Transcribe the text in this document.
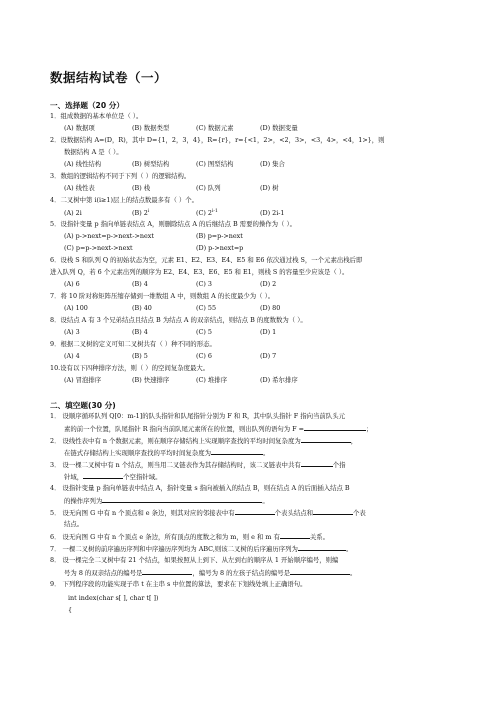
数据结构试卷（一）
一、选择题（20 分）
1．组成数据的基本单位是（ ）。
(A) 数据项	(B) 数据类型	(C) 数据元素	(D) 数据变量
2．设数据结构 A=(D，R)，其中 D={1，2，3，4}，R={r}，r={<1，2>，<2，3>，<3，4>，<4，1>}，则
数据结构 A 是（ ）。
(A) 线性结构	(B) 树型结构	(C) 图型结构	(D) 集合
3．数组的逻辑结构不同于下列（ ）的逻辑结构。
(A) 线性表	(B) 栈	(C) 队列	(D) 树
4．二叉树中第 i(i≥1)层上的结点数最多有（ ）个。
(A) 2i	(B) 2$^i$	(C) 2$^{i-1}$	(D) 2i-1
5．设指针变量 p 指向单链表结点 A，则删除结点 A 的后继结点 B 需要的操作为（ ）。
(A) p->next=p->next->next	(B) p=p->next
(C) p=p->next->next	(D) p->next=p
6．设栈 S 和队列 Q 的初始状态为空，元素 E1、E2、E3、E4、E5 和 E6 依次通过栈 S，一个元素出栈后即
进入队列 Q，若 6 个元素出列的顺序为 E2、E4、E3、E6、E5 和 E1，则栈 S 的容量至少应该是（ ）。
(A) 6	(B) 4	(C) 3	(D) 2
7．将 10 阶对称矩阵压缩存储到一维数组 A 中，则数组 A 的长度最少为（ ）。
(A) 100	(B) 40	(C) 55	(D) 80
8．设结点 A 有 3 个兄弟结点且结点 B 为结点 A 的双亲结点，则结点 B 的度数数为（ ）。
(A) 3	(B) 4	(C) 5	(D) 1
9．根据二叉树的定义可知二叉树共有（ ）种不同的形态。
(A) 4	(B) 5	(C) 6	(D) 7
10.设有以下四种排序方法，则（ ）的空间复杂度最大。
(A) 冒泡排序	(B) 快速排序	(C) 堆排序	(D) 希尔排序
二、填空题(30 分)
1． 设顺序循环队列 Q[0：m-1]的队头指针和队尾指针分别为 F 和 R，其中队头指针 F 指向当前队头元
素的前一个位置，队尾指针 R 指向当前队尾元素所在的位置，则出队列的语句为 F =	；
2． 设线性表中有 n 个数据元素，则在顺序存储结构上实现顺序查找的平均时间复杂度为	，
在链式存储结构上实现顺序查找的平均时间复杂度为	。
3． 设一棵二叉树中有 n 个结点，则当用二叉链表作为其存储结构时，该二叉链表中共有	个指
针域，	个空指针域。
4． 设指针变量 p 指向单链表中结点 A，指针变量 s 指向被插入的结点 B，则在结点 A 的后面插入结点 B
的操作序列为	。
5． 设无向图 G 中有 n 个顶点和 e 条边，则其对应的邻接表中有	个表头结点和	个表
结点。
6． 设无向图 G 中有 n 个顶点 e 条边，所有顶点的度数之和为 m，则 e 和 m 有	关系。
7． 一棵二叉树的前序遍历序列和中序遍历序列均为 ABC,则该二叉树的后序遍历序列为	。
8． 设一棵完全二叉树中有 21 个结点，如果按照从上到下、从左到右的顺序从 1 开始顺序编号，则编
号为 8 的双亲结点的编号是	，编号为 8 的左孩子结点的编号是	。
9． 下列程序段的功能实现子串 t 在主串 s 中位置的算法，要求在下划线处填上正确语句。
int index(char s[ ], char t[ ])
{
